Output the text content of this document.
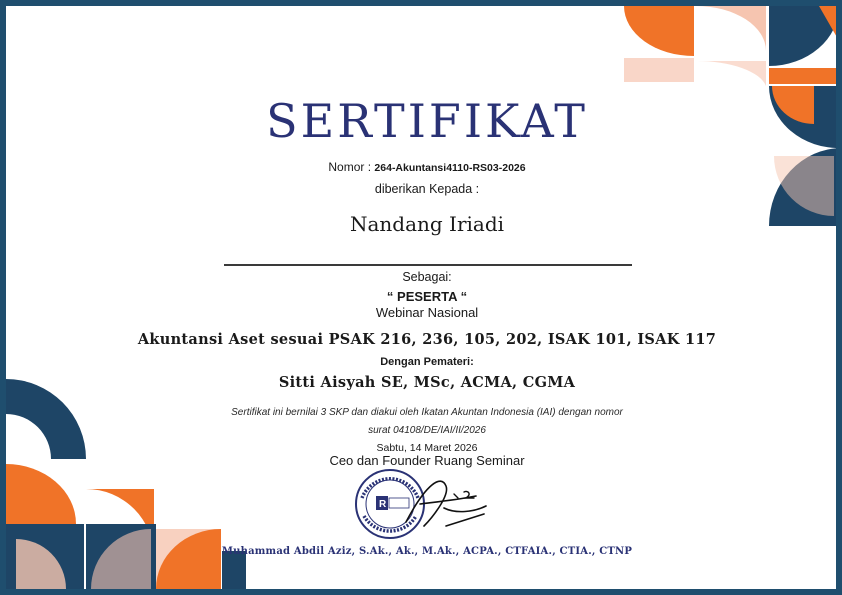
SERTIFIKAT
Nomor : 264-Akuntansi4110-RS03-2026
diberikan Kepada :
Nandang Iriadi
Sebagai:
“ PESERTA “
Webinar Nasional
Akuntansi Aset sesuai PSAK 216, 236, 105, 202, ISAK 101, ISAK 117
Dengan Pemateri:
Sitti Aisyah SE, MSc, ACMA, CGMA
Sertifikat ini bernilai 3 SKP dan diakui oleh Ikatan Akuntan Indonesia (IAI) dengan nomor
surat 04108/DE/IAI/II/2026
Sabtu, 14 Maret 2026
Ceo dan Founder Ruang Seminar
R
Muhammad Abdil Aziz, S.Ak., Ak., M.Ak., ACPA., CTFAIA., CTIA., CTNP
